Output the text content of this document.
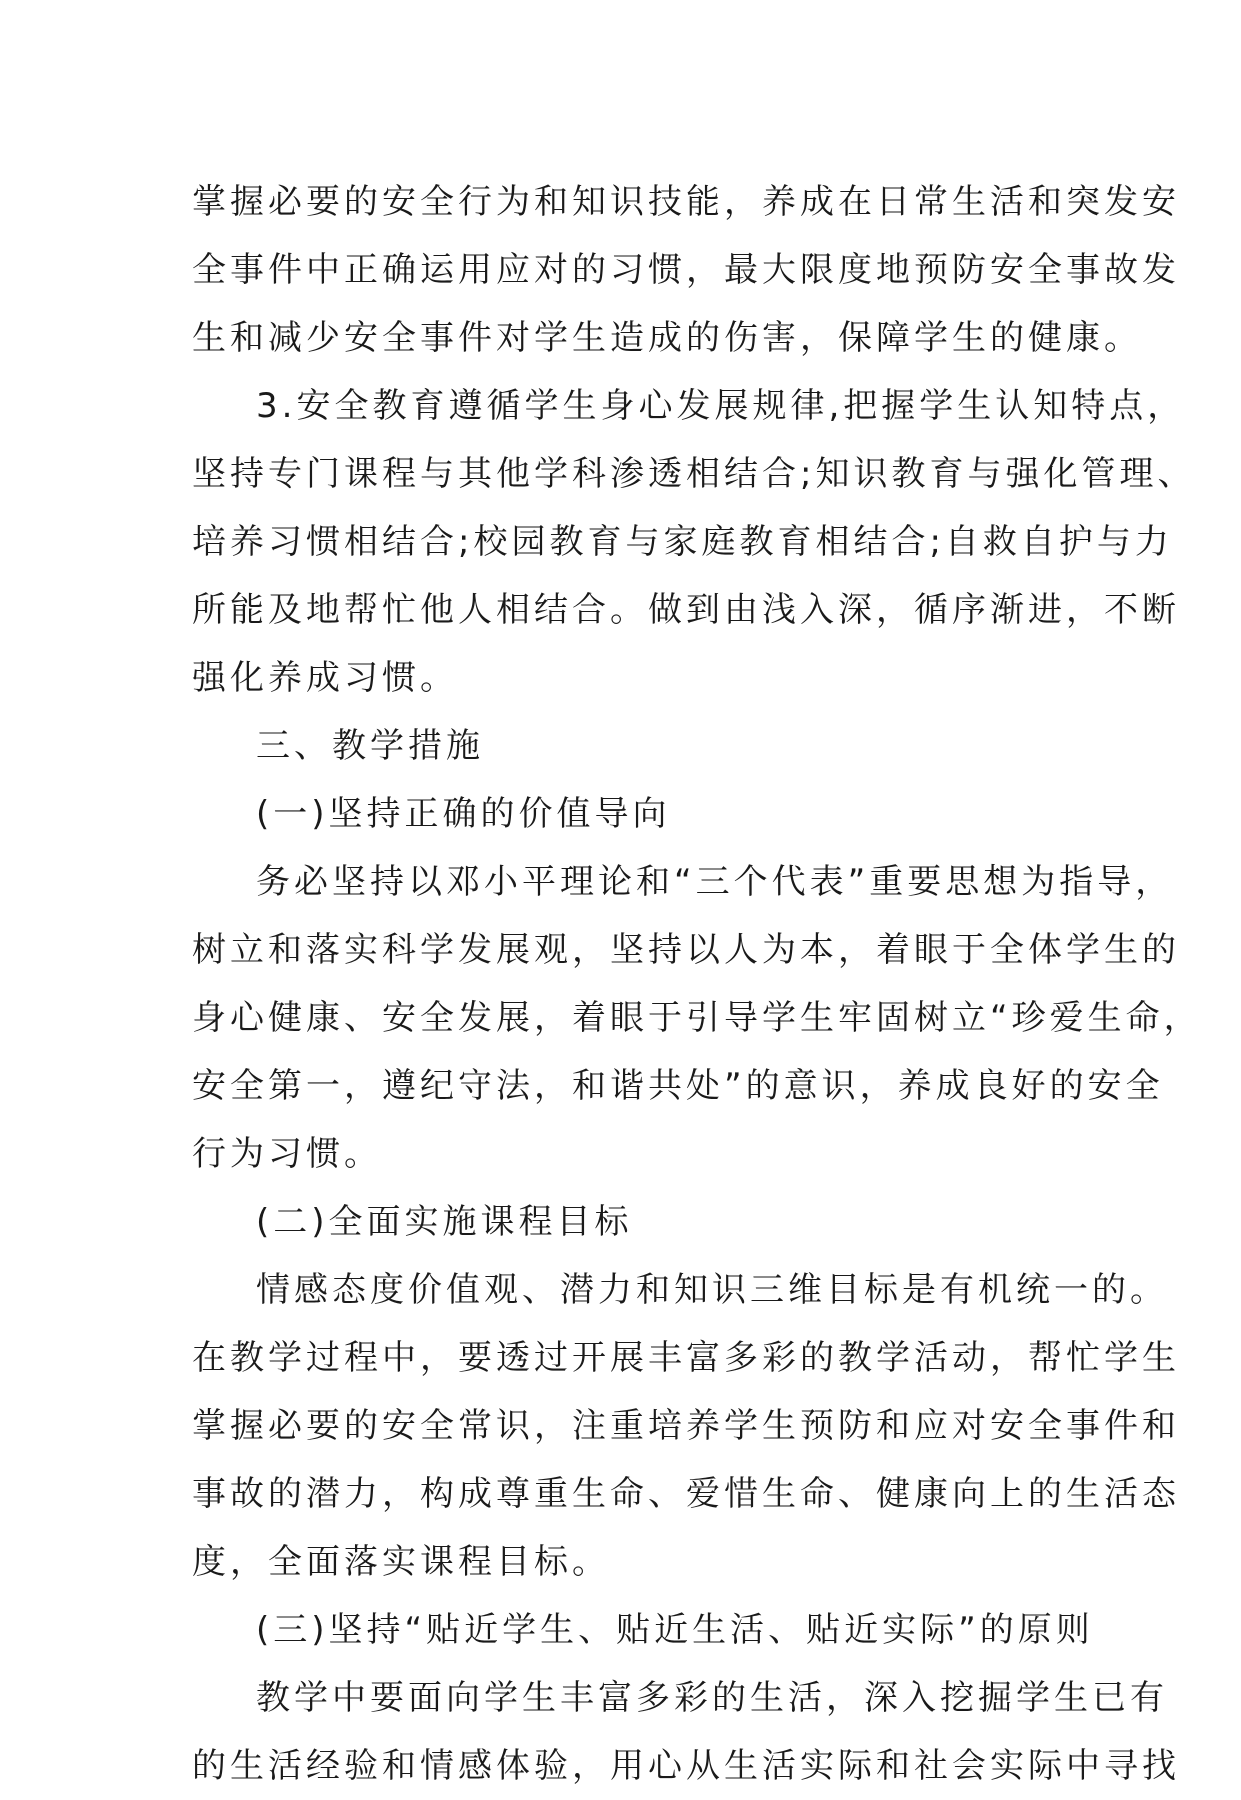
掌握必要的安全行为和知识技能，养成在日常生活和突发安
全事件中正确运用应对的习惯，最大限度地预防安全事故发
生和减少安全事件对学生造成的伤害，保障学生的健康。
3.安全教育遵循学生身心发展规律,把握学生认知特点，
坚持专门课程与其他学科渗透相结合;知识教育与强化管理、
培养习惯相结合;校园教育与家庭教育相结合;自救自护与力
所能及地帮忙他人相结合。做到由浅入深，循序渐进，不断
强化养成习惯。
三、教学措施
(一)坚持正确的价值导向
务必坚持以邓小平理论和“三个代表”重要思想为指导，
树立和落实科学发展观，坚持以人为本，着眼于全体学生的
身心健康、安全发展，着眼于引导学生牢固树立“珍爱生命，
安全第一，遵纪守法，和谐共处”的意识，养成良好的安全
行为习惯。
(二)全面实施课程目标
情感态度价值观、潜力和知识三维目标是有机统一的。
在教学过程中，要透过开展丰富多彩的教学活动，帮忙学生
掌握必要的安全常识，注重培养学生预防和应对安全事件和
事故的潜力，构成尊重生命、爱惜生命、健康向上的生活态
度，全面落实课程目标。
(三)坚持“贴近学生、贴近生活、贴近实际”的原则
教学中要面向学生丰富多彩的生活，深入挖掘学生已有
的生活经验和情感体验，用心从生活实际和社会实际中寻找
